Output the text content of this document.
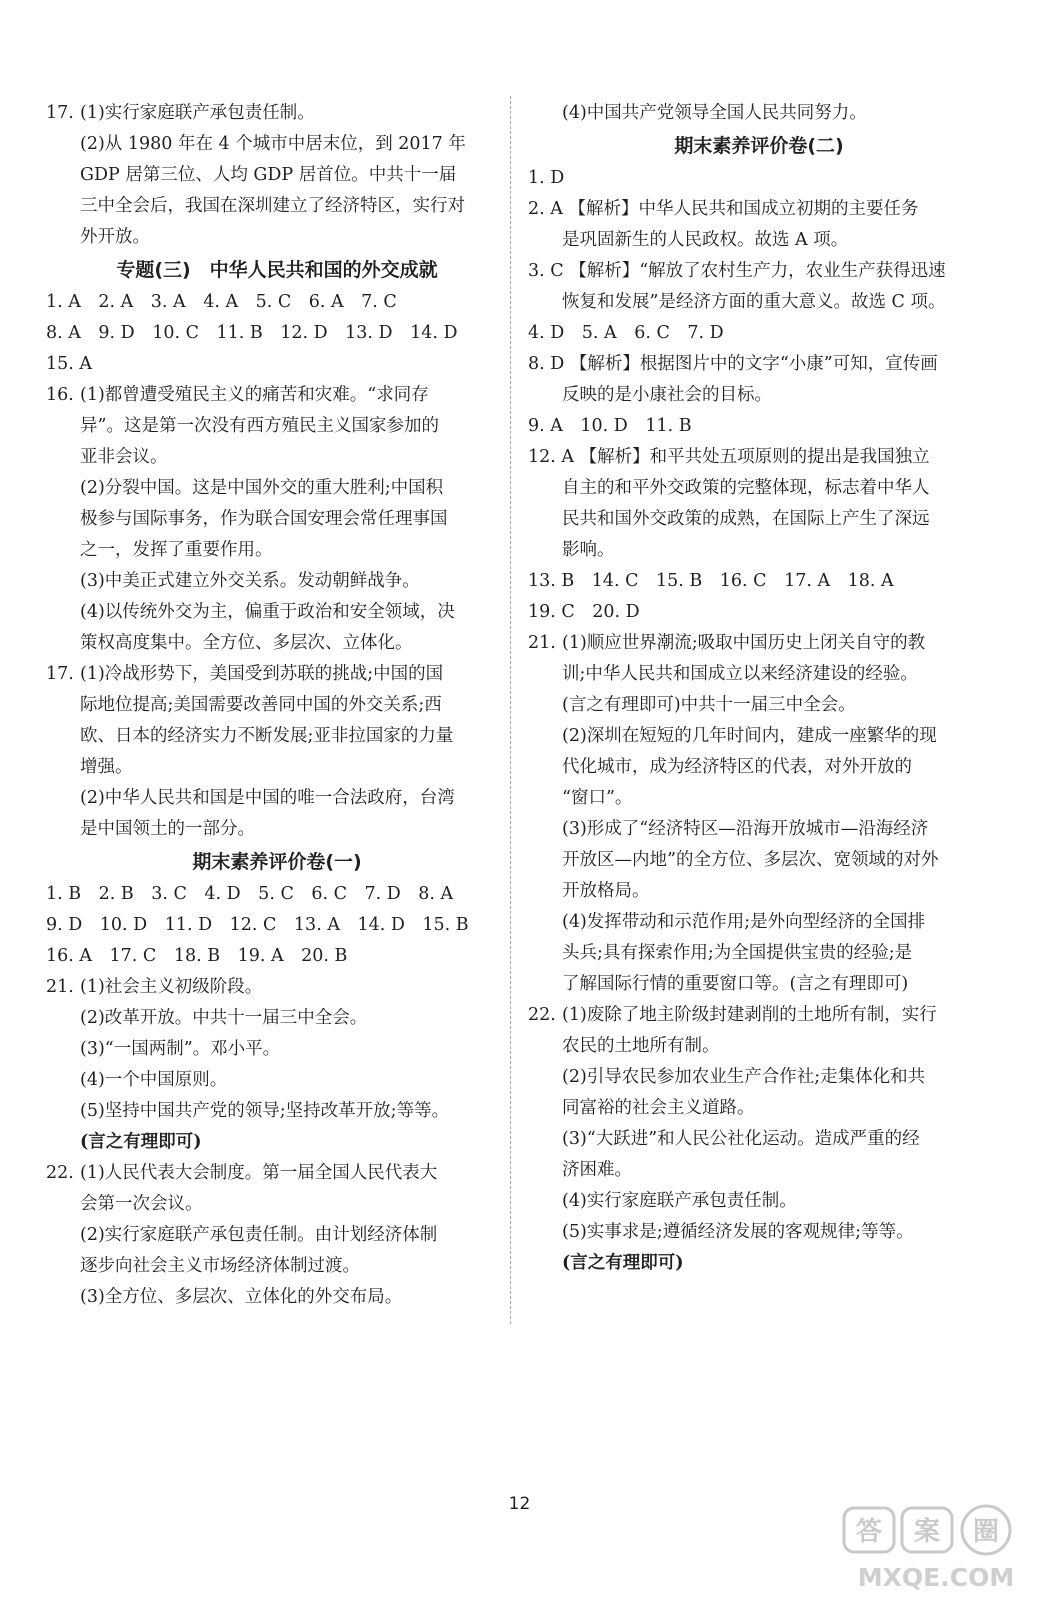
17. (1)实行家庭联产承包责任制。
(2)从 1980 年在 4 个城市中居末位，到 2017 年
GDP 居第三位、人均 GDP 居首位。中共十一届
三中全会后，我国在深圳建立了经济特区，实行对
外开放。
专题(三)　中华人民共和国的外交成就
1. A　2. A　3. A　4. A　5. C　6. A　7. C
8. A　9. D　10. C　11. B　12. D　13. D　14. D
15. A
16. (1)都曾遭受殖民主义的痛苦和灾难。“求同存
异”。这是第一次没有西方殖民主义国家参加的
亚非会议。
(2)分裂中国。这是中国外交的重大胜利;中国积
极参与国际事务，作为联合国安理会常任理事国
之一，发挥了重要作用。
(3)中美正式建立外交关系。发动朝鲜战争。
(4)以传统外交为主，偏重于政治和安全领域，决
策权高度集中。全方位、多层次、立体化。
17. (1)冷战形势下，美国受到苏联的挑战;中国的国
际地位提高;美国需要改善同中国的外交关系;西
欧、日本的经济实力不断发展;亚非拉国家的力量
增强。
(2)中华人民共和国是中国的唯一合法政府，台湾
是中国领土的一部分。
期末素养评价卷(一)
1. B　2. B　3. C　4. D　5. C　6. C　7. D　8. A
9. D　10. D　11. D　12. C　13. A　14. D　15. B
16. A　17. C　18. B　19. A　20. B
21. (1)社会主义初级阶段。
(2)改革开放。中共十一届三中全会。
(3)“一国两制”。邓小平。
(4)一个中国原则。
(5)坚持中国共产党的领导;坚持改革开放;等等。
(言之有理即可)
22. (1)人民代表大会制度。第一届全国人民代表大
会第一次会议。
(2)实行家庭联产承包责任制。由计划经济体制
逐步向社会主义市场经济体制过渡。
(3)全方位、多层次、立体化的外交布局。
(4)中国共产党领导全国人民共同努力。
期末素养评价卷(二)
1. D
2. A 【解析】中华人民共和国成立初期的主要任务
是巩固新生的人民政权。故选 A 项。
3. C 【解析】“解放了农村生产力，农业生产获得迅速
恢复和发展”是经济方面的重大意义。故选 C 项。
4. D　5. A　6. C　7. D
8. D 【解析】根据图片中的文字“小康”可知，宣传画
反映的是小康社会的目标。
9. A　10. D　11. B
12. A 【解析】和平共处五项原则的提出是我国独立
自主的和平外交政策的完整体现，标志着中华人
民共和国外交政策的成熟，在国际上产生了深远
影响。
13. B　14. C　15. B　16. C　17. A　18. A
19. C　20. D
21. (1)顺应世界潮流;吸取中国历史上闭关自守的教
训;中华人民共和国成立以来经济建设的经验。
(言之有理即可)中共十一届三中全会。
(2)深圳在短短的几年时间内，建成一座繁华的现
代化城市，成为经济特区的代表，对外开放的
“窗口”。
(3)形成了“经济特区—沿海开放城市—沿海经济
开放区—内地”的全方位、多层次、宽领域的对外
开放格局。
(4)发挥带动和示范作用;是外向型经济的全国排
头兵;具有探索作用;为全国提供宝贵的经验;是
了解国际行情的重要窗口等。(言之有理即可)
22. (1)废除了地主阶级封建剥削的土地所有制，实行
农民的土地所有制。
(2)引导农民参加农业生产合作社;走集体化和共
同富裕的社会主义道路。
(3)“大跃进”和人民公社化运动。造成严重的经
济困难。
(4)实行家庭联产承包责任制。
(5)实事求是;遵循经济发展的客观规律;等等。
(言之有理即可)
12
答 案 圈
MXQE.COM
